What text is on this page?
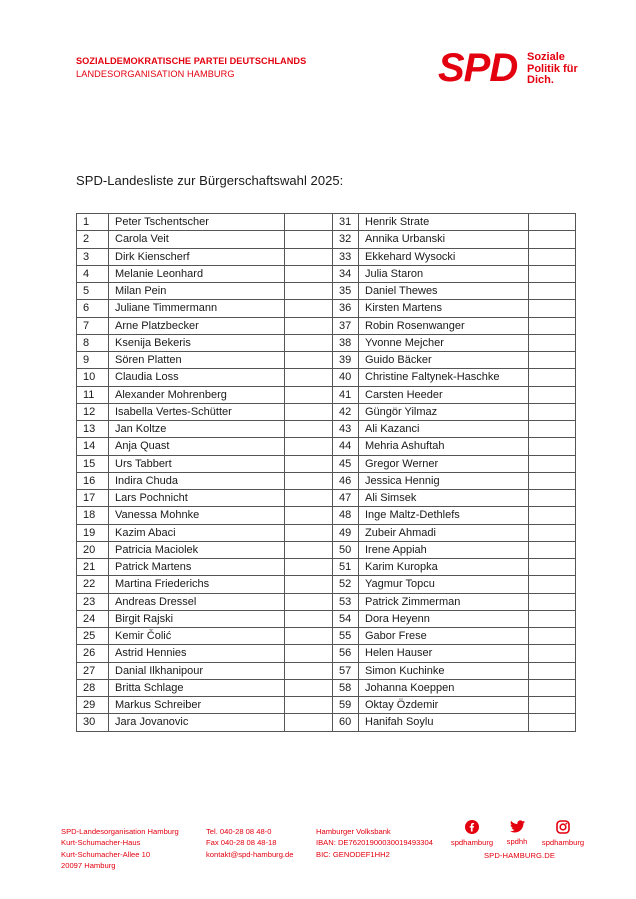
SOZIALDEMOKRATISCHE PARTEI DEUTSCHLANDS
LANDESORGANISATION HAMBURG	SPD Soziale
Politik für
Dich.
SPD-Landesliste zur Bürgerschaftswahl 2025:
1	Peter Tschentscher		31	Henrik Strate	
2	Carola Veit		32	Annika Urbanski	
3	Dirk Kienscherf		33	Ekkehard Wysocki	
4	Melanie Leonhard		34	Julia Staron	
5	Milan Pein		35	Daniel Thewes	
6	Juliane Timmermann		36	Kirsten Martens	
7	Arne Platzbecker		37	Robin Rosenwanger	
8	Ksenija Bekeris		38	Yvonne Mejcher	
9	Sören Platten		39	Guido Bäcker	
10	Claudia Loss		40	Christine Faltynek-Haschke	
11	Alexander Mohrenberg		41	Carsten Heeder	
12	Isabella Vertes-Schütter		42	Güngör Yilmaz	
13	Jan Koltze		43	Ali Kazanci	
14	Anja Quast		44	Mehria Ashuftah	
15	Urs Tabbert		45	Gregor Werner	
16	Indira Chuda		46	Jessica Hennig	
17	Lars Pochnicht		47	Ali Simsek	
18	Vanessa Mohnke		48	Inge Maltz-Dethlefs	
19	Kazim Abaci		49	Zubeir Ahmadi	
20	Patricia Maciolek		50	Irene Appiah	
21	Patrick Martens		51	Karim Kuropka	
22	Martina Friederichs		52	Yagmur Topcu	
23	Andreas Dressel		53	Patrick Zimmerman	
24	Birgit Rajski		54	Dora Heyenn	
25	Kemir Čolić		55	Gabor Frese	
26	Astrid Hennies		56	Helen Hauser	
27	Danial Ilkhanipour		57	Simon Kuchinke	
28	Britta Schlage		58	Johanna Koeppen	
29	Markus Schreiber		59	Oktay Özdemir	
30	Jara Jovanovic		60	Hanifah Soylu	
SPD-Landesorganisation Hamburg
Kurt-Schumacher-Haus
Kurt-Schumacher-Allee 10
20097 Hamburg
Tel. 040-28 08 48-0
Fax 040-28 08 48-18
kontakt@spd-hamburg.de
Hamburger Volksbank
IBAN: DE76201900030019493304
BIC: GENODEF1HH2
spdhamburg	spdhh	spdhamburg
SPD-HAMBURG.DE
